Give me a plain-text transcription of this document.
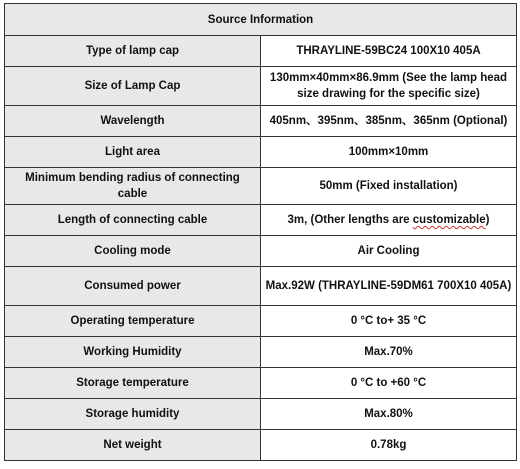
Source Information	
Type of lamp cap	THRAYLINE-59BC24 100X10 405A
Size of Lamp Cap	130mm×40mm×86.9mm (See the lamp head size drawing for the specific size)
Wavelength	405nm、395nm、385nm、365nm (Optional)
Light area	100mm×10mm
Minimum bending radius of connecting cable	50mm (Fixed installation)
Length of connecting cable	3m, (Other lengths are customizable)
Cooling mode	Air Cooling
Consumed power	Max.92W (THRAYLINE-59DM61 700X10 405A)
Operating temperature	0 °C to+ 35 °C
Working Humidity	Max.70%
Storage temperature	0 °C to +60 °C
Storage humidity	Max.80%
Net weight	0.78kg
